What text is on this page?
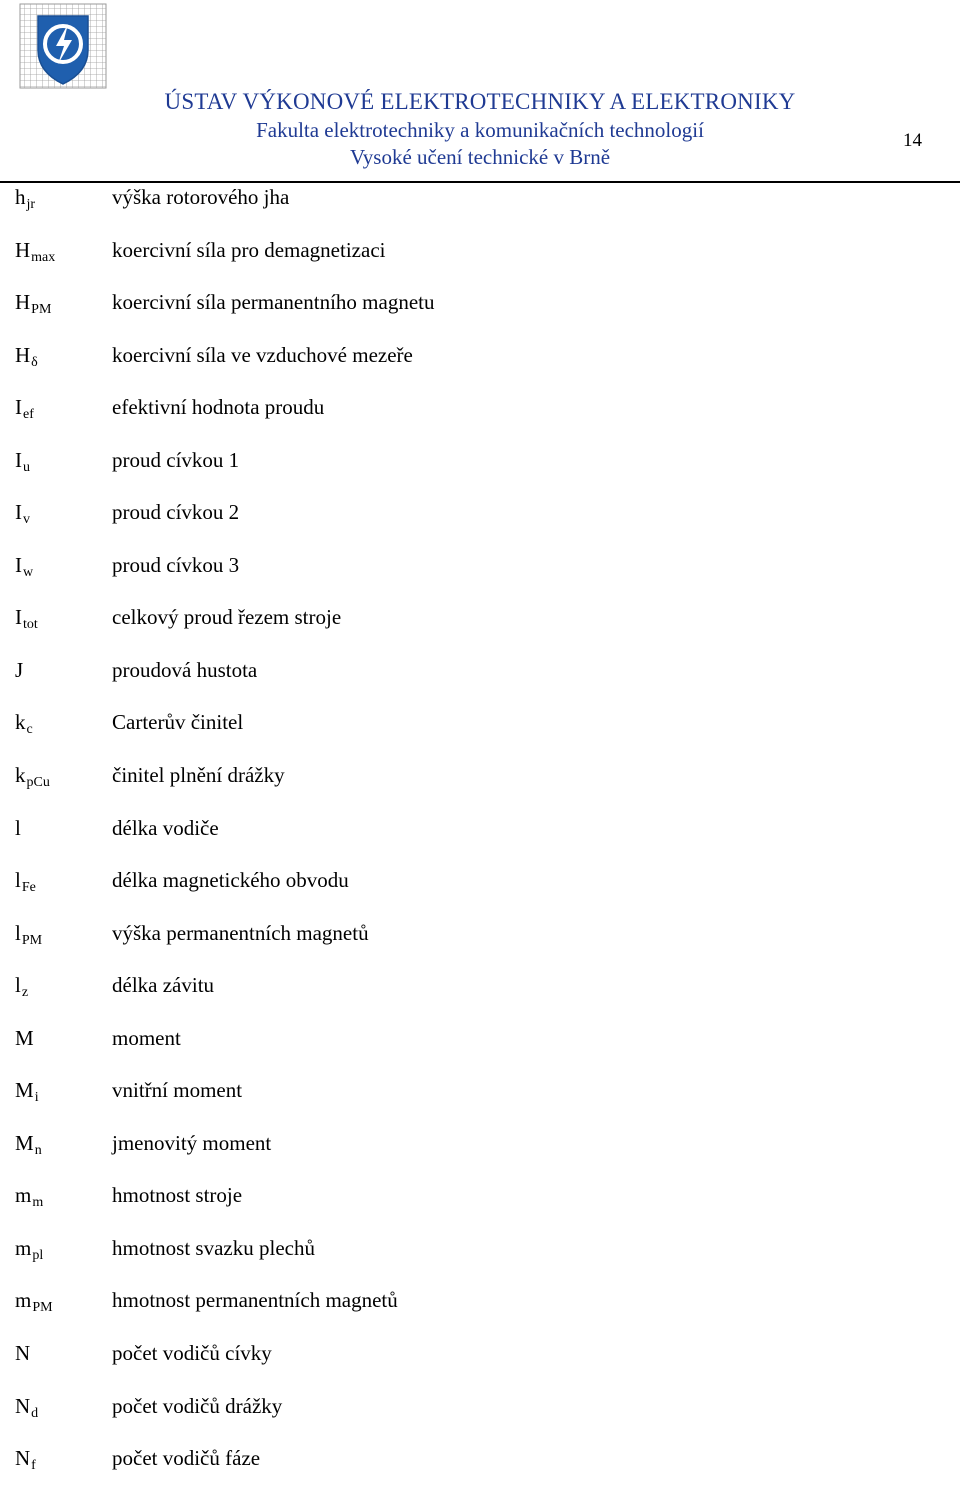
ÚSTAV VÝKONOVÉ ELEKTROTECHNIKY A ELEKTRONIKY
Fakulta elektrotechniky a komunikačních technologií
Vysoké učení technické v Brně
14
hjr	výška rotorového jha
Hmax	koercivní síla pro demagnetizaci
HPM	koercivní síla permanentního magnetu
Hδ	koercivní síla ve vzduchové mezeře
Ief	efektivní hodnota proudu
Iu	proud cívkou 1
Iv	proud cívkou 2
Iw	proud cívkou 3
Itot	celkový proud řezem stroje
J	proudová hustota
kc	Carterův činitel
kpCu	činitel plnění drážky
l	délka vodiče
lFe	délka magnetického obvodu
lPM	výška permanentních magnetů
lz	délka závitu
M	moment
Mi	vnitřní moment
Mn	jmenovitý moment
mm	hmotnost stroje
mpl	hmotnost svazku plechů
mPM	hmotnost permanentních magnetů
N	počet vodičů cívky
Nd	počet vodičů drážky
Nf	počet vodičů fáze
